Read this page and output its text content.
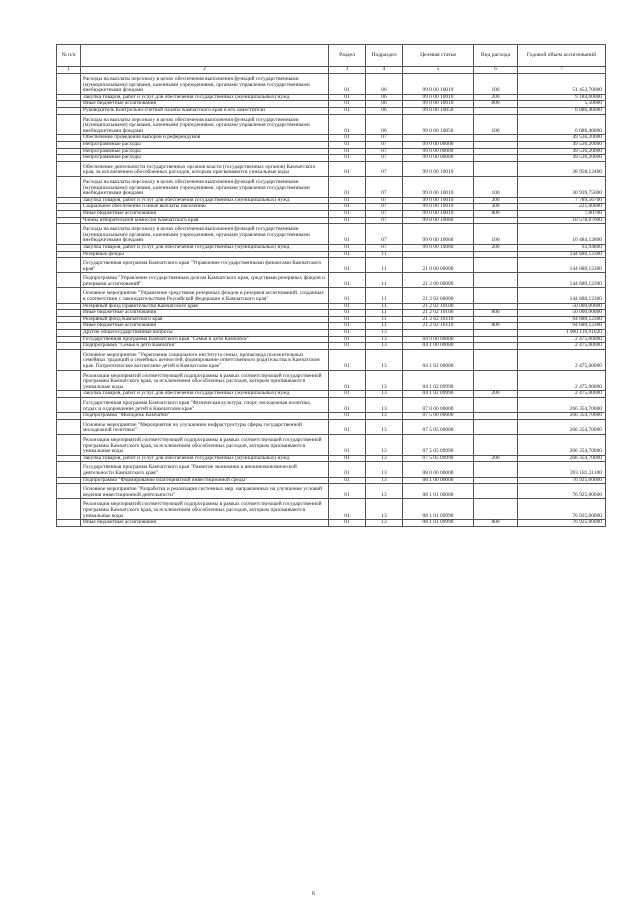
№ п/п		Раздел	Подраздел	Целевая статья	Вид расхода	Годовой объем ассигнований
1	2	3	4	5	6	7
	Расходы на выплаты персоналу в целях обеспечения выполнения функций государственными (муниципальными) органами, казенными учреждениями, органами управления государственными внебюджетными фондами	01	06	99 0 00 10010	100	51 452,70000
	Закупка товаров, работ и услуг для обеспечения государственных (муниципальных) нужд	01	06	99 0 00 10010	200	9 184,00000
	Иные бюджетные ассигнования	01	06	99 0 00 10010	800	5,50000
	Руководитель Контрольно-счетной палаты Камчатского края и его заместители	01	06	99 0 00 10050		6 086,40000
	Расходы на выплаты персоналу в целях обеспечения выполнения функций государственными (муниципальными) органами, казенными учреждениями, органами управления государственными внебюджетными фондами	01	06	99 0 00 10050	100	6 086,40000
	Обеспечение проведения выборов и референдумов	01	07			49 536,20000
	Непрограммные расходы	01	07	99 0 00 00000		49 536,20000
	Непрограммные расходы	01	07	99 0 00 00000		49 536,20000
	Непрограммные расходы	01	07	99 0 00 00000		49 536,20000
	Обеспечение деятельности государственных органов власти (государственных органов) Камчатского края, за исключением обособленных расходов, которым присваиваются уникальные коды	01	07	99 0 00 10010		38 958,12400
	Расходы на выплаты персоналу в целях обеспечения выполнения функций государственными (муниципальными) органами, казенными учреждениями, органами управления государственными внебюджетными фондами	01	07	99 0 00 10010	100	30 939,75000
	Закупка товаров, работ и услуг для обеспечения государственных (муниципальных) нужд	01	07	99 0 00 10010	200	7 789,56700
	Социальное обеспечение и иные выплаты населению	01	07	99 0 00 10010	300	221,00000
	Иные бюджетные ассигнования	01	07	99 0 00 10010	800	7,80700
	Члены избирательной комиссии Камчатского края	01	07	99 0 00 10060		10 578,07600
	Расходы на выплаты персоналу в целях обеспечения выполнения функций государственными (муниципальными) органами, казенными учреждениями, органами управления государственными внебюджетными фондами	01	07	99 0 00 10060	100	10 484,12800
	Закупка товаров, работ и услуг для обеспечения государственных (муниципальных) нужд	01	07	99 0 00 10060	200	93,94800
	Резервные фонды	01	11			144 680,12300
	Государственная программа Камчатского края "Управление государственными финансами Камчатского края"	01	11	21 0 00 00000		144 680,12300
	Подпрограмма "Управление государственным долгом Камчатского края, средствами резервных фондов и резервами ассигнований"	01	11	21 2 00 00000		144 680,12300
	Основное мероприятие "Управление средствами резервных фондов и резервов ассигнований, созданных в соответствии с законодательством Российской Федерации и Камчатского края"	01	11	21 2 02 00000		144 680,12300
	Резервный фонд Правительства Камчатского края	01	11	21 2 02 10100		50 000,00000
	Иные бюджетные ассигнования	01	11	21 2 02 10100	800	50 000,00000
	Резервный фонд Камчатского края	01	11	21 2 02 10110		94 680,12300
	Иные бюджетные ассигнования	01	11	21 2 02 10110	800	94 680,12300
	Другие общегосударственные вопросы	01	13			1 900 116,91620
	Государственная программа Камчатского края "Семья и дети Камчатки"	01	13	04 0 00 00000		2 475,00000
	Подпрограмма "Семья и дети Камчатки"	01	13	04 1 00 00000		2 475,00000
	Основное мероприятие "Укрепление социального института семьи, пропаганда положительных семейных традиций и семейных ценностей, формирование ответственного родительства в Камчатском крае. Патриотическое воспитание детей в Камчатском крае"	01	13	04 1 02 00000		2 475,00000
	Реализация мероприятий соответствующей подпрограммы в рамках соответствующей государственной программы Камчатского края, за исключением обособленных расходов, которым присваиваются уникальные коды	01	13	04 1 02 09990		2 475,00000
	Закупка товаров, работ и услуг для обеспечения государственных (муниципальных) нужд	01	13	04 1 02 09990	200	2 475,00000
	Государственная программа Камчатского края "Физическая культура, спорт, молодежная политика, отдых и оздоровление детей в Камчатском крае"	01	13	07 0 00 00000		266 354,70000
	Подпрограмма "Молодежь Камчатки"	01	13	07 5 00 00000		266 354,70000
	Основное мероприятие "Мероприятия по улучшению инфраструктуры сферы государственной молодежной политики"	01	13	07 5 05 00000		266 354,70000
	Реализация мероприятий соответствующей подпрограммы в рамках соответствующей государственной программы Камчатского края, за исключением обособленных расходов, которым присваиваются уникальные коды	01	13	07 5 05 09990		266 354,70000
	Закупка товаров, работ и услуг для обеспечения государственных (муниципальных) нужд	01	13	07 5 05 09990	200	266 354,70000
	Государственная программа Камчатского края "Развитие экономики и внешнеэкономической деятельности Камчатского края"	01	13	08 0 00 00000		393 181,31100
	Подпрограмма "Формирование благоприятной инвестиционной среды"	01	13	08 1 00 00000		76 925,00000
	Основное мероприятие "Разработка и реализация системных мер, направленных на улучшение условий ведения инвестиционной деятельности"	01	13	08 1 01 00000		76 925,00000
	Реализация мероприятий соответствующей подпрограммы в рамках соответствующей государственной программы Камчатского края, за исключением обособленных расходов, которым присваиваются уникальные коды	01	13	08 1 01 09990		76 925,00000
	Иные бюджетные ассигнования	01	13	08 1 01 09990	800	76 925,00000
6
